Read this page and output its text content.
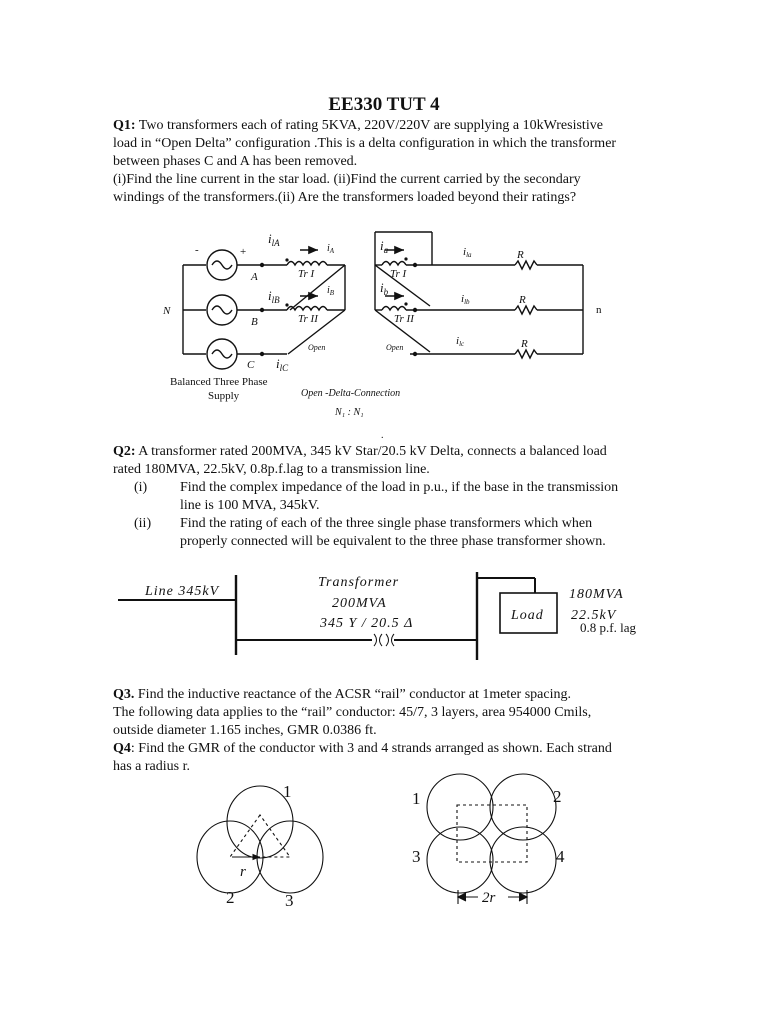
EE330 TUT 4
Q1: Two transformers each of rating 5KVA, 220V/220V are supplying a 10kWresistive
load in “Open Delta” configuration .This is a delta configuration in which the transformer
between phases C and A has been removed.
(i)Find the line current in the star load. (ii)Find the current carried by the secondary
windings of the transformers.(ii) Are the transformers loaded beyond their ratings?
Q2: A transformer rated 200MVA, 345 kV Star/20.5 kV Delta, connects a balanced load
rated 180MVA, 22.5kV, 0.8p.f.lag to a transmission line.
(i) Find the complex impedance of the load in p.u., if the base in the transmission
line is 100 MVA, 345kV.
(ii) Find the rating of each of the three single phase transformers which when
properly connected will be equivalent to the three phase transformer shown.
Q3. Find the inductive reactance of the ACSR “rail” conductor at 1meter spacing.
The following data applies to the “rail” conductor: 45/7, 3 layers, area 954000 Cmils,
outside diameter 1.165 inches, GMR 0.0386 ft.
Q4: Find the GMR of the conductor with 3 and 4 strands arranged as shown. Each strand
has a radius r.
-	+
$i_{lA}$	$i_A$
$i_{lB}$
$i_B$
$i_{lC}$
N
A
B
C
Tr I
Tr II
Open	Open
Balanced Three Phase
Supply
$i_a$
$i_b$
Tr I
Tr II
ila
ilb
ilc
R
R
R
n
Open -Delta-Connection
N₁ : N₁
.
Line 345kV
Transformer
200MVA
345 Y / 20.5 Δ
Load
180MVA
22.5kV
0.8 p.f. lag
1
2	3
r
1	2
3	4
2r
